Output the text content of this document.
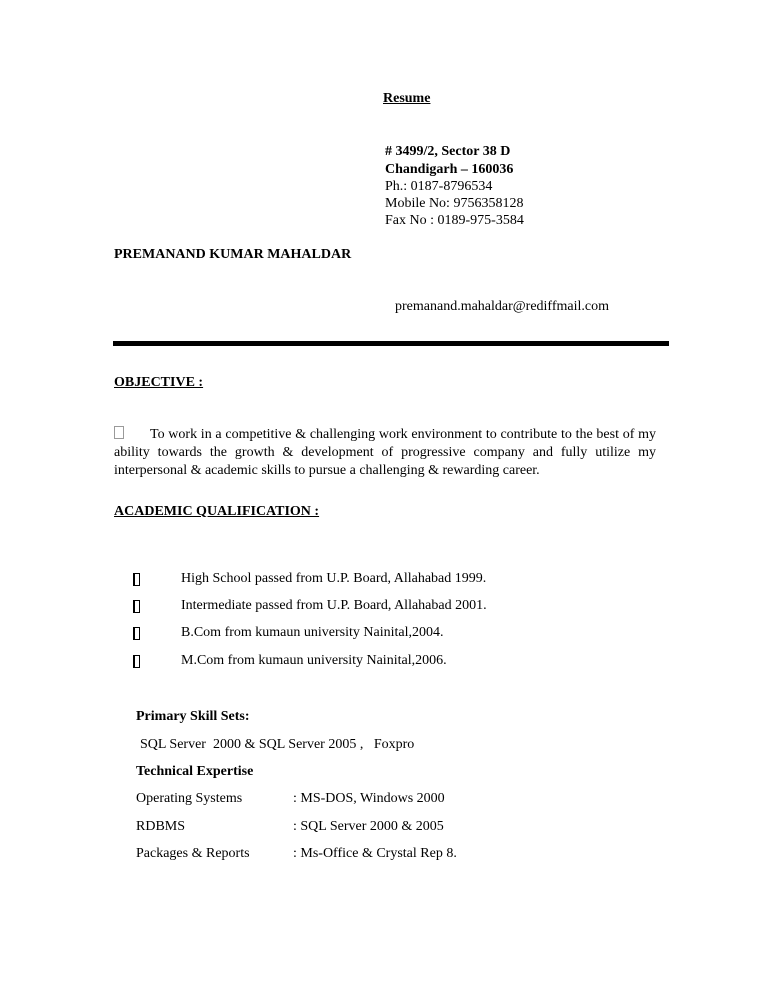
Resume
# 3499/2, Sector 38 D
Chandigarh – 160036
Ph.: 0187-8796534
Mobile No: 9756358128
Fax No : 0189-975-3584
PREMANAND KUMAR MAHALDAR
premanand.mahaldar@rediffmail.com
OBJECTIVE :
To work in a competitive & challenging work environment to contribute to the best of my ability towards the growth & development of progressive company and fully utilize my interpersonal & academic skills to pursue a challenging & rewarding career.
ACADEMIC QUALIFICATION :
High School passed from U.P. Board, Allahabad 1999.
Intermediate passed from U.P. Board, Allahabad 2001.
B.Com from kumaun university Nainital,2004.
M.Com from kumaun university Nainital,2006.
Primary Skill Sets:
SQL Server  2000 & SQL Server 2005 ,   Foxpro
Technical Expertise
Operating Systems	: MS-DOS, Windows 2000
RDBMS	: SQL Server 2000 & 2005
Packages & Reports	: Ms-Office & Crystal Rep 8.
